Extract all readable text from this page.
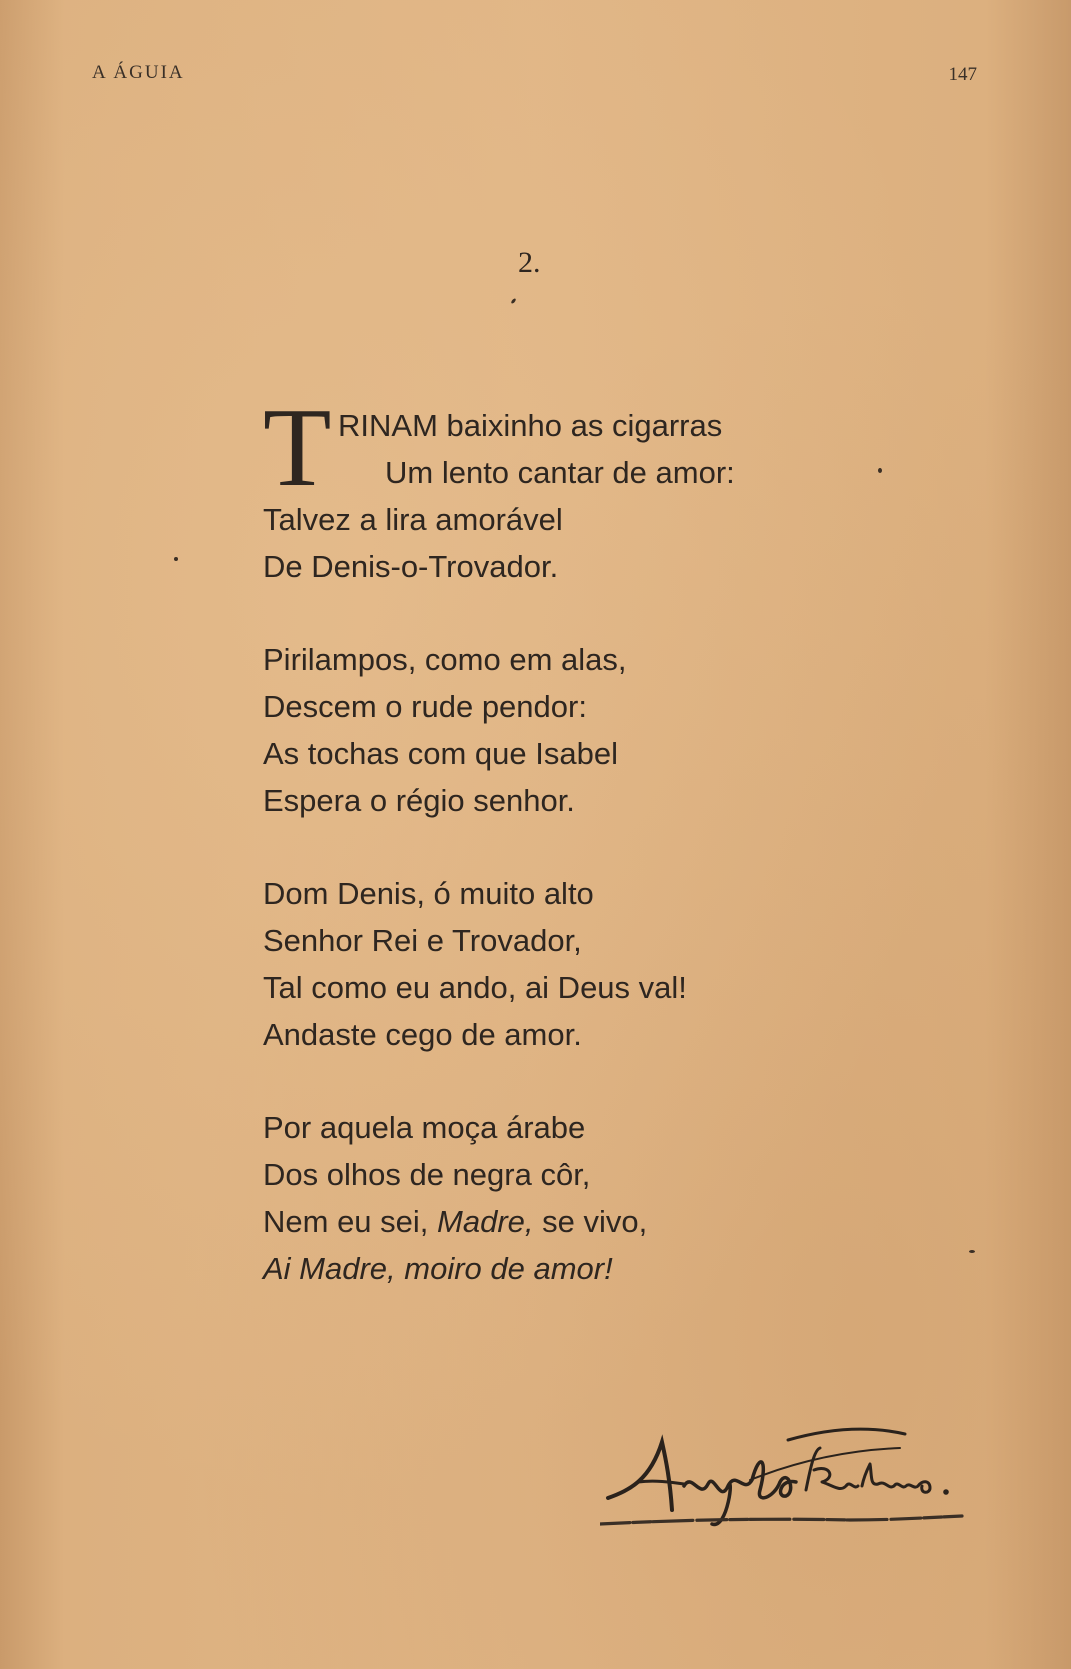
A ÁGUIA	147
2.
T RINAM baixinho as cigarras
Um lento cantar de amor:
Talvez a lira amorável
De Denis-o-Trovador.
Pirilampos, como em alas,
Descem o rude pendor:
As tochas com que Isabel
Espera o régio senhor.
Dom Denis, ó muito alto
Senhor Rei e Trovador,
Tal como eu ando, ai Deus val!
Andaste cego de amor.
Por aquela moça árabe
Dos olhos de negra côr,
Nem eu sei, Madre, se vivo,
Ai Madre, moiro de amor!
